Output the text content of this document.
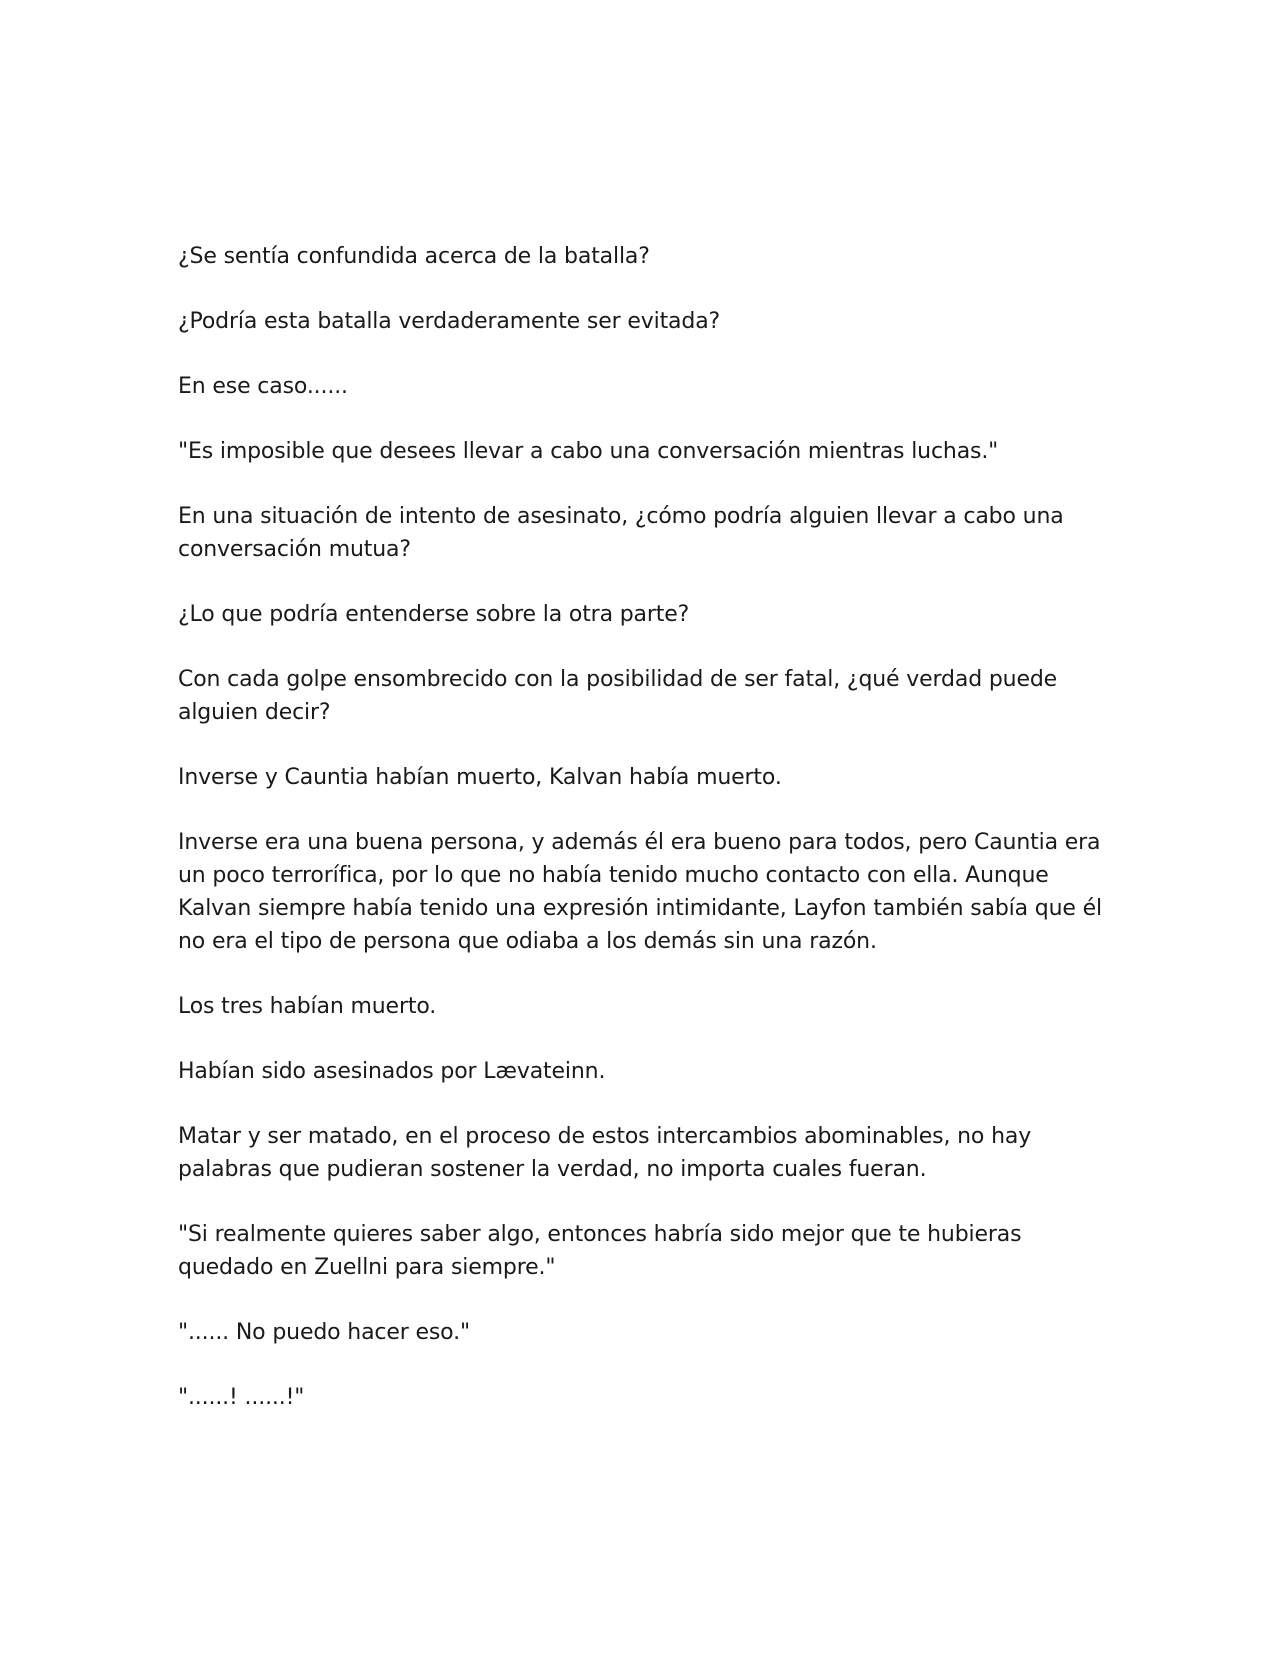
¿Se sentía confundida acerca de la batalla?

¿Podría esta batalla verdaderamente ser evitada?

En ese caso......

"Es imposible que desees llevar a cabo una conversación mientras luchas."

En una situación de intento de asesinato, ¿cómo podría alguien llevar a cabo una conversación mutua?

¿Lo que podría entenderse sobre la otra parte?

Con cada golpe ensombrecido con la posibilidad de ser fatal, ¿qué verdad puede alguien decir?

Inverse y Cauntia habían muerto, Kalvan había muerto.

Inverse era una buena persona, y además él era bueno para todos, pero Cauntia era un poco terrorífica, por lo que no había tenido mucho contacto con ella. Aunque Kalvan siempre había tenido una expresión intimidante, Layfon también sabía que él no era el tipo de persona que odiaba a los demás sin una razón.

Los tres habían muerto.

Habían sido asesinados por Lævateinn.

Matar y ser matado, en el proceso de estos intercambios abominables, no hay palabras que pudieran sostener la verdad, no importa cuales fueran.

"Si realmente quieres saber algo, entonces habría sido mejor que te hubieras quedado en Zuellni para siempre."

"...... No puedo hacer eso."

"......! ......!"
